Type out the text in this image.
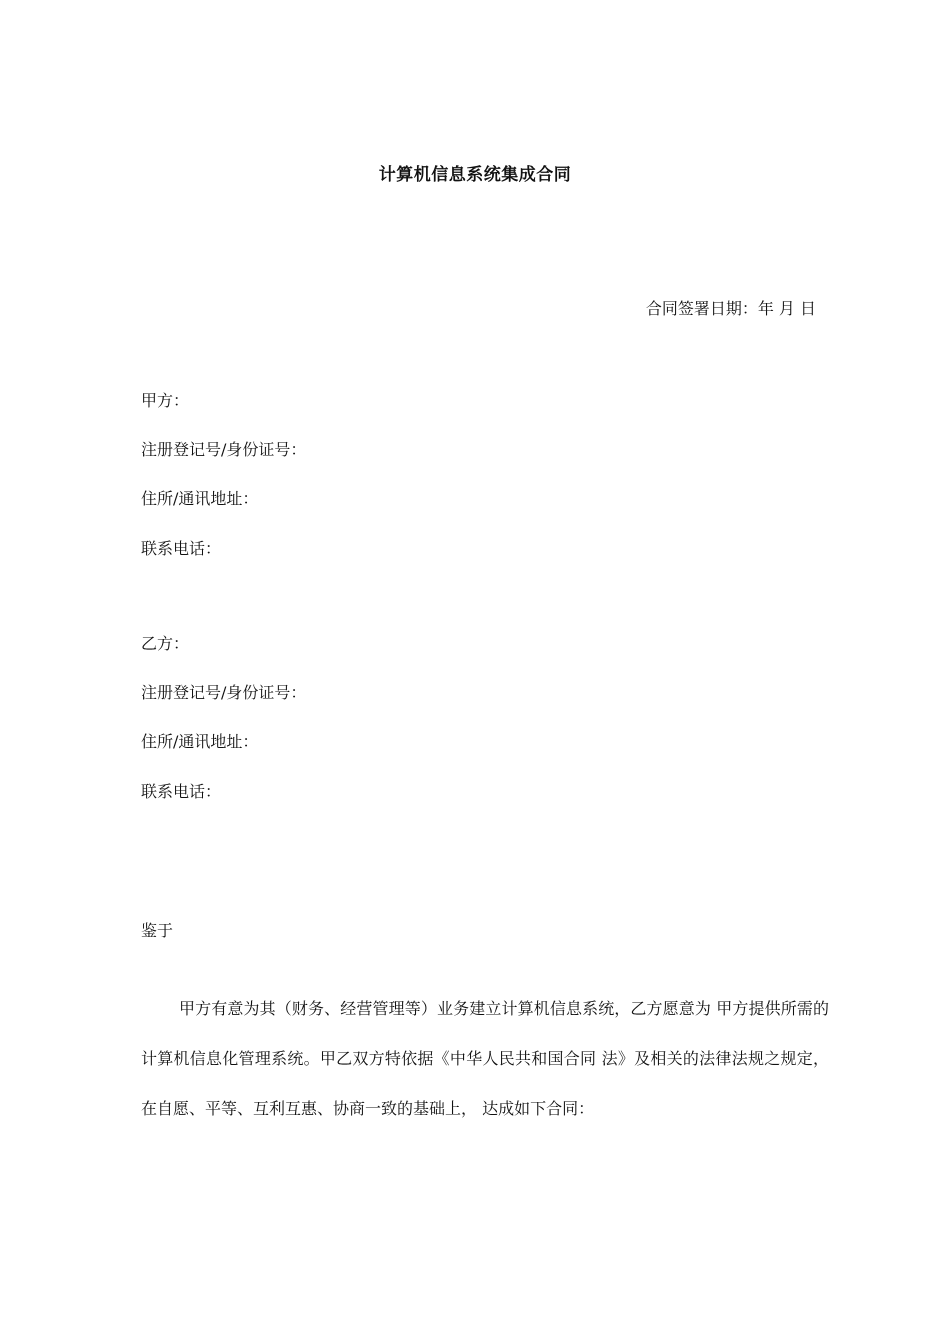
计算机信息系统集成合同
合同签署日期：年 月 日
甲方：
注册登记号/身份证号：
住所/通讯地址：
联系电话：
乙方：
注册登记号/身份证号：
住所/通讯地址：
联系电话：
鉴于

甲方有意为其（财务、经营管理等）业务建立计算机信息系统，乙方愿意为 甲方提供所需的计算机信息化管理系统。甲乙双方特依据《中华人民共和国合同 法》及相关的法律法规之规定，在自愿、平等、互利互惠、协商一致的基础上， 达成如下合同：
